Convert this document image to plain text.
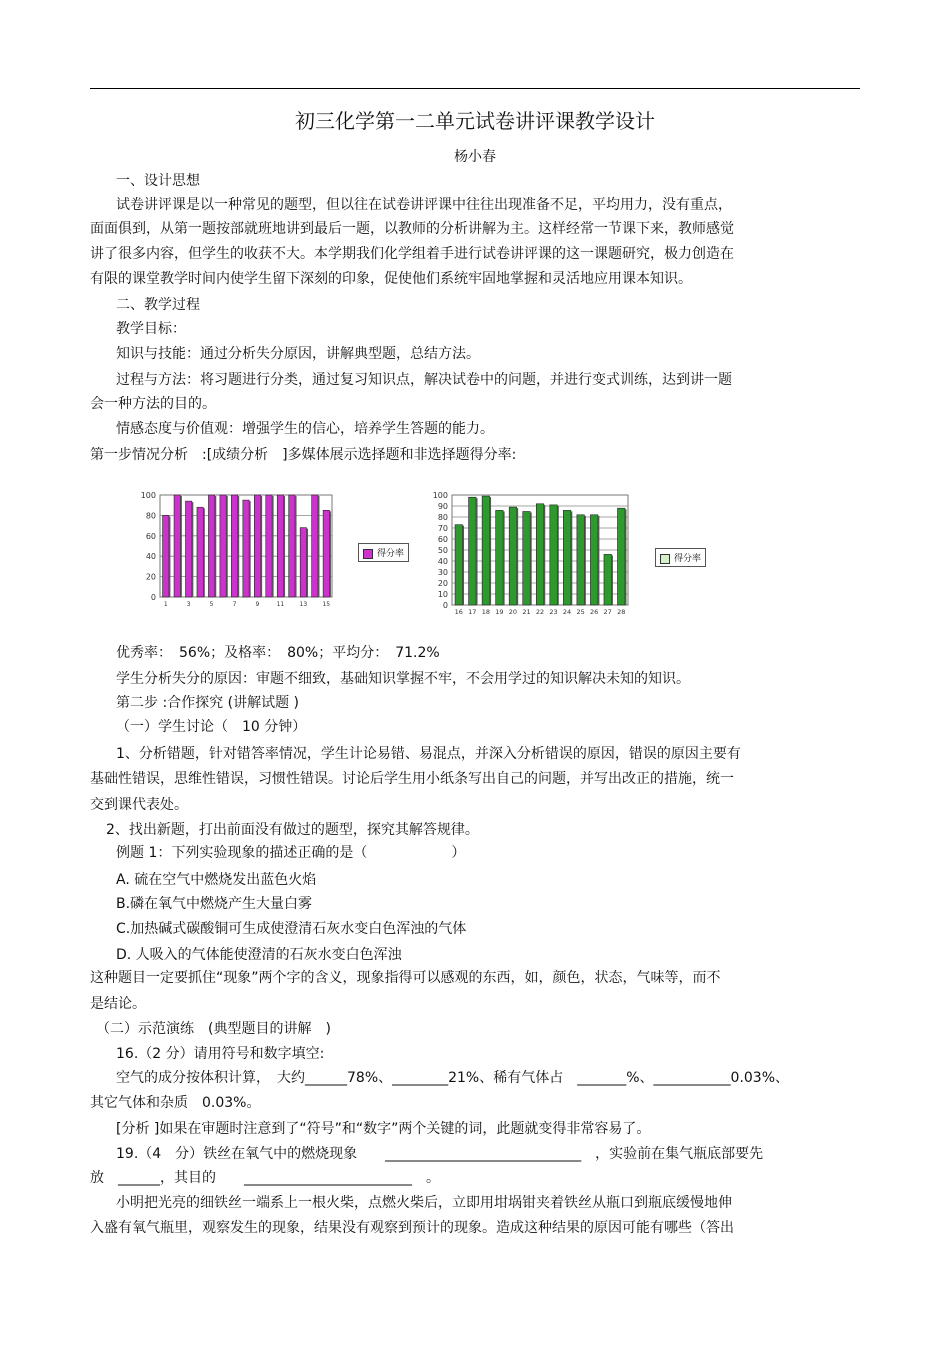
初三化学第一二单元试卷讲评课教学设计
杨小春
一、设计思想
试卷讲评课是以一种常见的题型，但以往在试卷讲评课中往往出现准备不足，平均用力，没有重点，
面面俱到，从第一题按部就班地讲到最后一题，以教师的分析讲解为主。这样经常一节课下来，教师感觉
讲了很多内容，但学生的收获不大。本学期我们化学组着手进行试卷讲评课的这一课题研究，极力创造在
有限的课堂教学时间内使学生留下深刻的印象，促使他们系统牢固地掌握和灵活地应用课本知识。
二、教学过程
教学目标：
知识与技能：通过分析失分原因，讲解典型题，总结方法。
过程与方法：将习题进行分类，通过复习知识点，解决试卷中的问题，并进行变式训练，达到讲一题
会一种方法的目的。
情感态度与价值观：增强学生的信心，培养学生答题的能力。
第一步情况分析　:[成绩分析　]多媒体展示选择题和非选择题得分率:
100
80
60
40
20
0
1	3	5	7	9	11	13	15
得分率
100
90
80
70
60
50
40
30
20
10
0
16 17 18 19 20 21 22 23 24 25 26 27 28
得分率
优秀率：　56%；及格率：　80%；平均分：　71.2%
学生分析失分的原因：审题不细致，基础知识掌握不牢，不会用学过的知识解决未知的知识。
第二步 :合作探究 (讲解试题 )
（一）学生讨论（　10 分钟）
1、分析错题，针对错答率情况，学生计论易错、易混点，并深入分析错误的原因，错误的原因主要有
基础性错误，思维性错误，习惯性错误。讨论后学生用小纸条写出自己的问题，并写出改正的措施，统一
交到课代表处。
2、找出新题，打出前面没有做过的题型，探究其解答规律。
例题 1：下列实验现象的描述正确的是（　　　　　　）
A. 硫在空气中燃烧发出蓝色火焰
B.磷在氧气中燃烧产生大量白雾
C.加热碱式碳酸铜可生成使澄清石灰水变白色浑浊的气体
D. 人吸入的气体能使澄清的石灰水变白色浑浊
这种题目一定要抓住“现象”两个字的含义，现象指得可以感观的东西，如，颜色，状态，气味等，而不
是结论。
（二）示范演练　(典型题目的讲解　)
16.（2 分）请用符号和数字填空:
空气的成分按体积计算，　大约______78%、________21%、稀有气体占　_______%、___________0.03%、
其它气体和杂质　0.03%。
[分析 ]如果在审题时注意到了“符号”和“数字”两个关键的词，此题就变得非常容易了。
19.（4　分）铁丝在氧气中的燃烧现象　　____________________________　，实验前在集气瓶底部要先
放　______，其目的　　________________________　。
小明把光亮的细铁丝一端系上一根火柴，点燃火柴后，立即用坩埚钳夹着铁丝从瓶口到瓶底缓慢地伸
入盛有氧气瓶里，观察发生的现象，结果没有观察到预计的现象。造成这种结果的原因可能有哪些（答出
